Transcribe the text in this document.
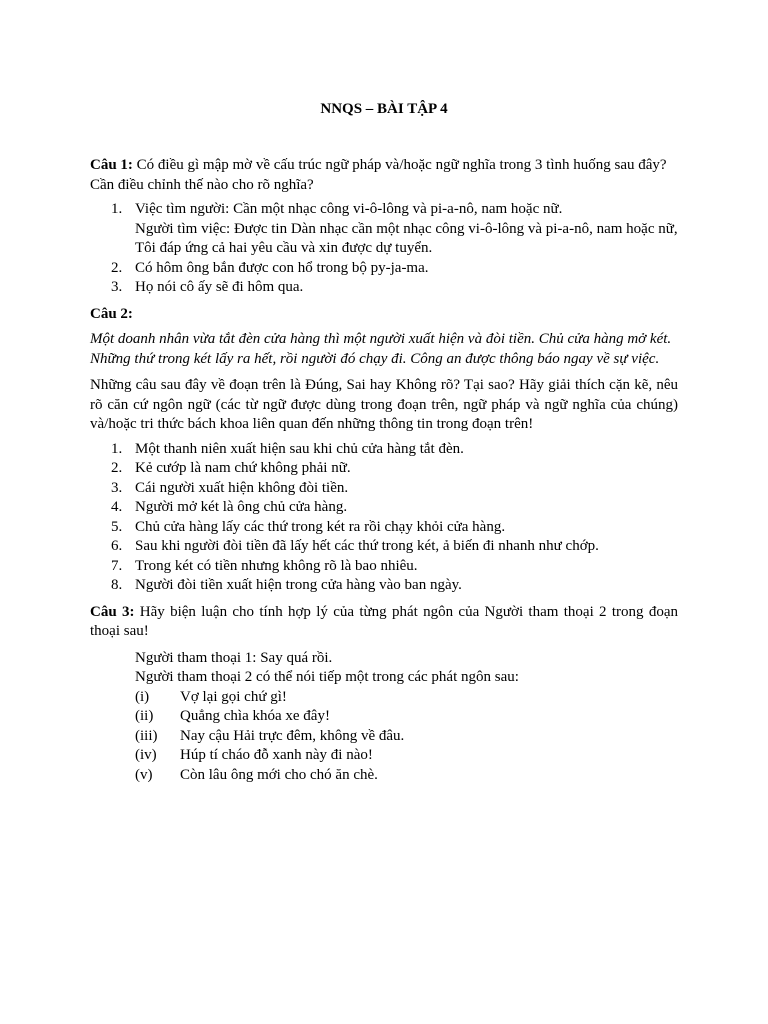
NNQS – BÀI TẬP 4

Câu 1: Có điều gì mập mờ về cấu trúc ngữ pháp và/hoặc ngữ nghĩa trong 3 tình huống sau đây? Cần điều chỉnh thế nào cho rõ nghĩa?

1. Việc tìm người: Cần một nhạc công vi-ô-lông và pi-a-nô, nam hoặc nữ.
Người tìm việc: Được tin Dàn nhạc cần một nhạc công vi-ô-lông và pi-a-nô, nam hoặc nữ, Tôi đáp ứng cả hai yêu cầu và xin được dự tuyển.
2. Có hôm ông bắn được con hổ trong bộ py-ja-ma.
3. Họ nói cô ấy sẽ đi hôm qua.

Câu 2:

Một doanh nhân vừa tắt đèn cửa hàng thì một người xuất hiện và đòi tiền. Chủ cửa hàng mở két. Những thứ trong két lấy ra hết, rồi người đó chạy đi. Công an được thông báo ngay về sự việc.

Những câu sau đây về đoạn trên là Đúng, Sai hay Không rõ? Tại sao? Hãy giải thích cặn kẽ, nêu rõ căn cứ ngôn ngữ (các từ ngữ được dùng trong đoạn trên, ngữ pháp và ngữ nghĩa của chúng) và/hoặc tri thức bách khoa liên quan đến những thông tin trong đoạn trên!

1. Một thanh niên xuất hiện sau khi chủ cửa hàng tắt đèn.
2. Kẻ cướp là nam chứ không phải nữ.
3. Cái người xuất hiện không đòi tiền.
4. Người mở két là ông chủ cửa hàng.
5. Chủ cửa hàng lấy các thứ trong két ra rồi chạy khỏi cửa hàng.
6. Sau khi người đòi tiền đã lấy hết các thứ trong két, ả biến đi nhanh như chớp.
7. Trong két có tiền nhưng không rõ là bao nhiêu.
8. Người đòi tiền xuất hiện trong cửa hàng vào ban ngày.

Câu 3: Hãy biện luận cho tính hợp lý của từng phát ngôn của Người tham thoại 2 trong đoạn thoại sau!

Người tham thoại 1: Say quá rồi.
Người tham thoại 2 có thể nói tiếp một trong các phát ngôn sau:
(i) Vợ lại gọi chứ gì!
(ii) Quẳng chìa khóa xe đây!
(iii) Nay cậu Hải trực đêm, không về đâu.
(iv) Húp tí cháo đỗ xanh này đi nào!
(v) Còn lâu ông mới cho chó ăn chè.
